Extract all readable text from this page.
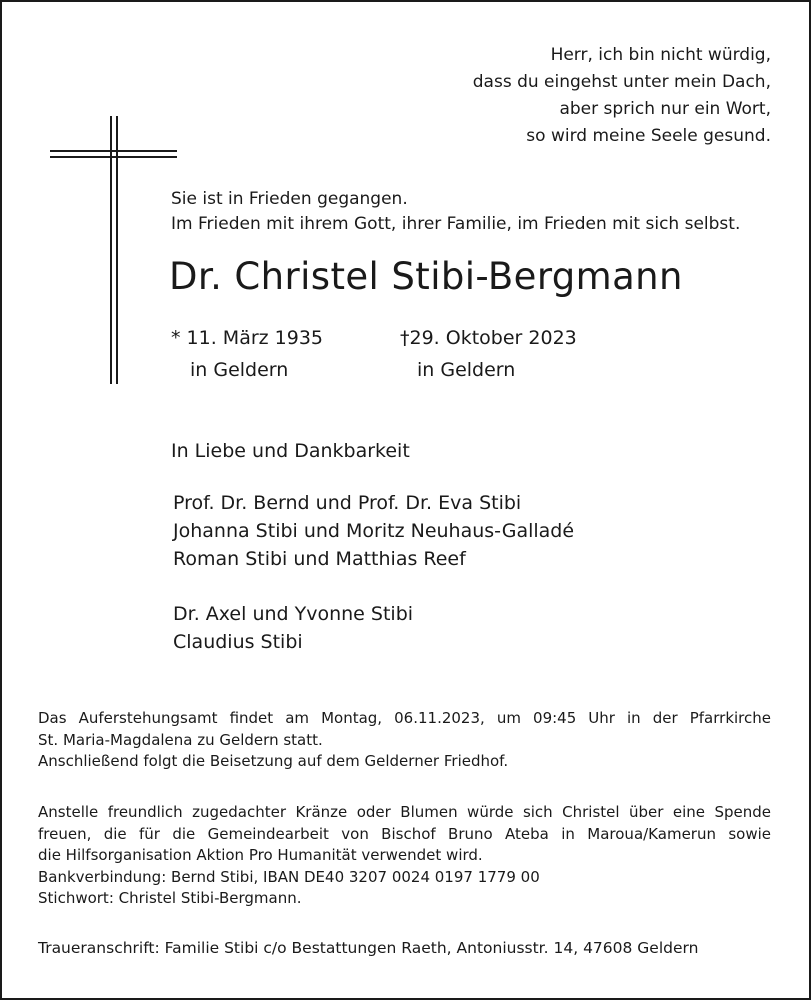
Herr, ich bin nicht würdig,
dass du eingehst unter mein Dach,
aber sprich nur ein Wort,
so wird meine Seele gesund.
Sie ist in Frieden gegangen.
Im Frieden mit ihrem Gott, ihrer Familie, im Frieden mit sich selbst.
Dr. Christel Stibi-Bergmann
* 11. März 1935
in Geldern
†29. Oktober 2023
in Geldern

In Liebe und Dankbarkeit

Prof. Dr. Bernd und Prof. Dr. Eva Stibi
Johanna Stibi und Moritz Neuhaus-Galladé
Roman Stibi und Matthias Reef
Dr. Axel und Yvonne Stibi
Claudius Stibi
Das Auferstehungsamt findet am Montag, 06.11.2023, um 09:45 Uhr in der Pfarrkirche
St. Maria-Magdalena zu Geldern statt.
Anschließend folgt die Beisetzung auf dem Gelderner Friedhof.
Anstelle freundlich zugedachter Kränze oder Blumen würde sich Christel über eine Spende
freuen, die für die Gemeindearbeit von Bischof Bruno Ateba in Maroua/Kamerun sowie
die Hilfsorganisation Aktion Pro Humanität verwendet wird.
Bankverbindung: Bernd Stibi, IBAN DE40 3207 0024 0197 1779 00
Stichwort: Christel Stibi-Bergmann.
Traueranschrift: Familie Stibi c/o Bestattungen Raeth, Antoniusstr. 14, 47608 Geldern
